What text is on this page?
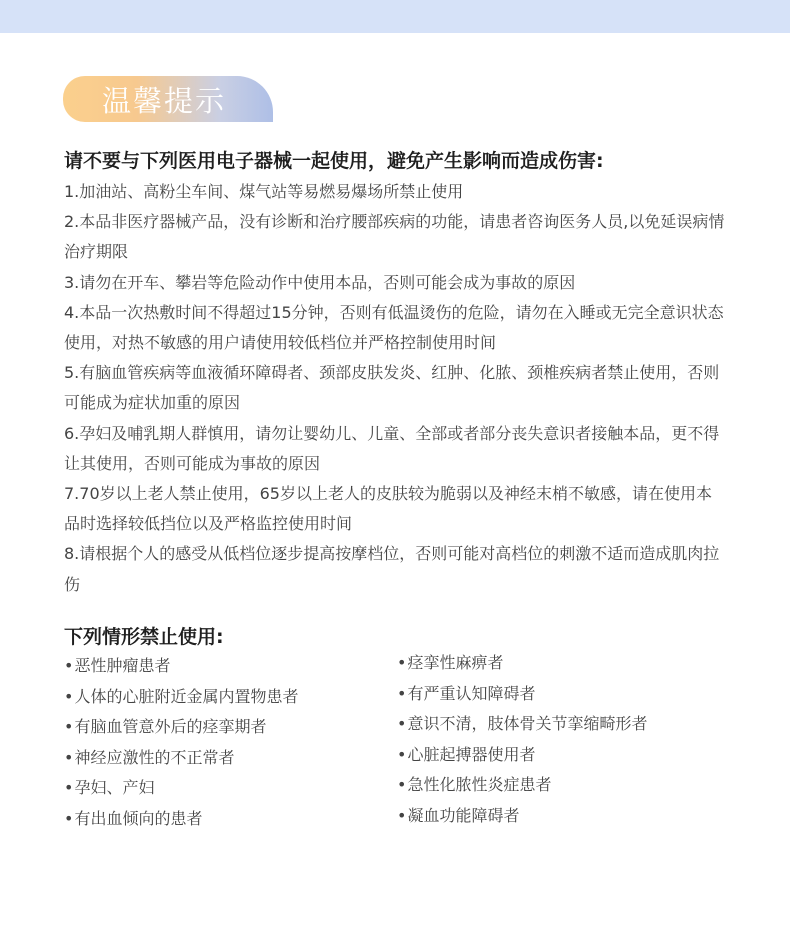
温馨提示
请不要与下列医用电子器械一起使用，避免产生影响而造成伤害:
1.加油站、高粉尘车间、煤气站等易燃易爆场所禁止使用
2.本品非医疗器械产品，没有诊断和治疗腰部疾病的功能，请患者咨询医务人员,以免延误病情治疗期限
3.请勿在开车、攀岩等危险动作中使用本品，否则可能会成为事故的原因
4.本品一次热敷时间不得超过15分钟，否则有低温烫伤的危险，请勿在入睡或无完全意识状态使用，对热不敏感的用户请使用较低档位并严格控制使用时间
5.有脑血管疾病等血液循环障碍者、颈部皮肤发炎、红肿、化脓、颈椎疾病者禁止使用，否则可能成为症状加重的原因
6.孕妇及哺乳期人群慎用，请勿让婴幼儿、儿童、全部或者部分丧失意识者接触本品，更不得让其使用，否则可能成为事故的原因
7.70岁以上老人禁止使用，65岁以上老人的皮肤较为脆弱以及神经末梢不敏感，请在使用本品时选择较低挡位以及严格监控使用时间
8.请根据个人的感受从低档位逐步提高按摩档位，否则可能对高档位的刺激不适而造成肌肉拉伤
下列情形禁止使用:
• 恶性肿瘤患者
• 人体的心脏附近金属内置物患者
• 有脑血管意外后的痉挛期者
• 神经应激性的不正常者
• 孕妇、产妇
• 有出血倾向的患者
• 痉挛性麻痹者
• 有严重认知障碍者
• 意识不清，肢体骨关节挛缩畸形者
• 心脏起搏器使用者
• 急性化脓性炎症患者
• 凝血功能障碍者
